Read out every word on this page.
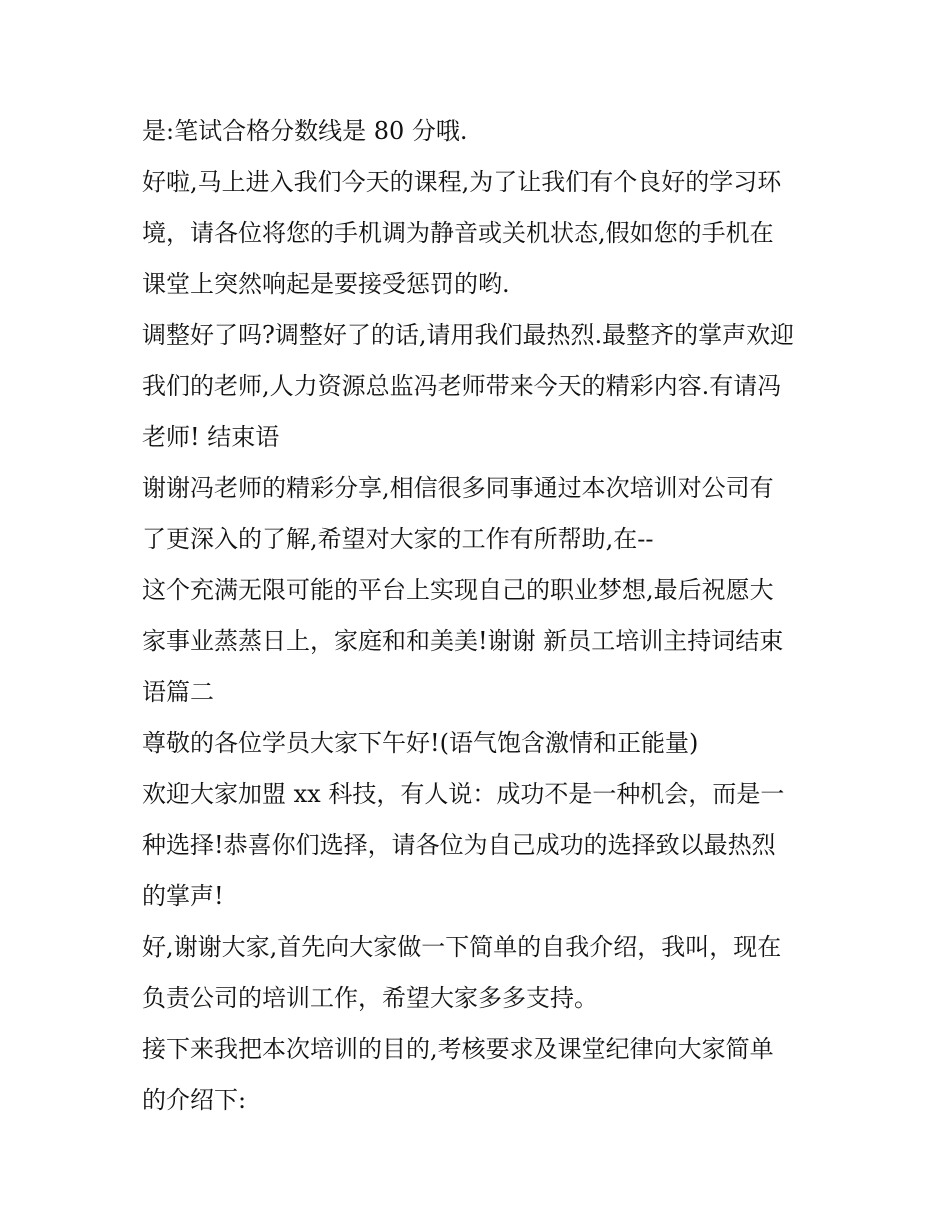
是:笔试合格分数线是 80 分哦.
好啦,马上进入我们今天的课程,为了让我们有个良好的学习环
境，请各位将您的手机调为静音或关机状态,假如您的手机在
课堂上突然响起是要接受惩罚的哟.
调整好了吗?调整好了的话,请用我们最热烈.最整齐的掌声欢迎
我们的老师,人力资源总监冯老师带来今天的精彩内容.有请冯
老师! 结束语
谢谢冯老师的精彩分享,相信很多同事通过本次培训对公司有
了更深入的了解,希望对大家的工作有所帮助,在--
这个充满无限可能的平台上实现自己的职业梦想,最后祝愿大
家事业蒸蒸日上，家庭和和美美!谢谢 新员工培训主持词结束
语篇二
尊敬的各位学员大家下午好!(语气饱含激情和正能量)
欢迎大家加盟 xx 科技，有人说：成功不是一种机会，而是一
种选择!恭喜你们选择，请各位为自己成功的选择致以最热烈
的掌声!
好,谢谢大家,首先向大家做一下简单的自我介绍，我叫，现在
负责公司的培训工作，希望大家多多支持。
接下来我把本次培训的目的,考核要求及课堂纪律向大家简单
的介绍下:
